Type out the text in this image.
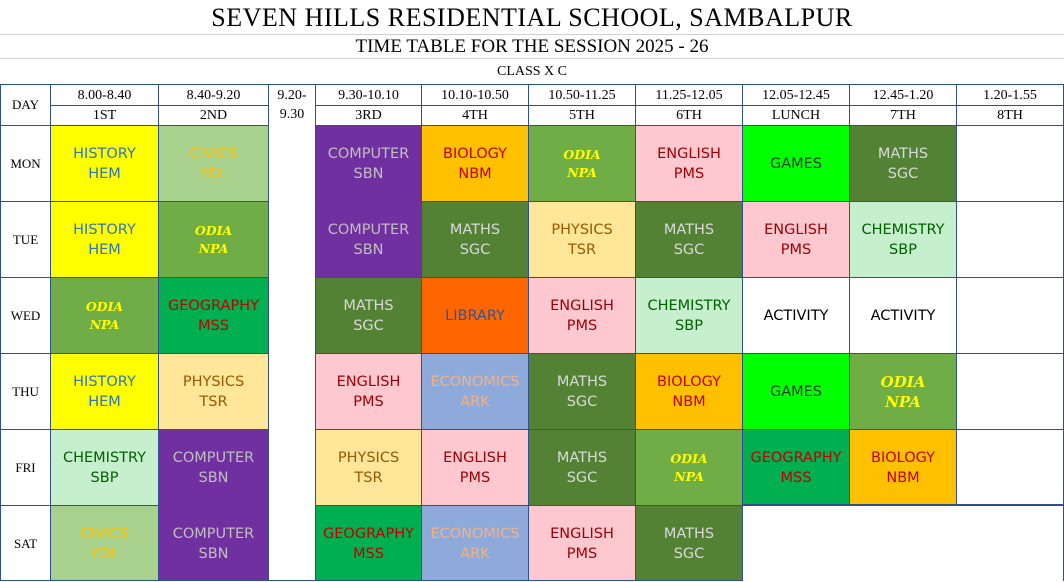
SEVEN HILLS RESIDENTIAL SCHOOL, SAMBALPUR
TIME TABLE FOR THE SESSION 2025 - 26
CLASS X C
DAY
8.00-8.40
1ST
8.40-9.20
2ND
9.20-
9.30
9.30-10.10
3RD
10.10-10.50
4TH
10.50-11.25
5TH
11.25-12.05
6TH
12.05-12.45
LUNCH
12.45-1.20
7TH
1.20-1.55
8TH
MON
HISTORY
HEM
CIVICS
YDL
COMPUTER
SBN
BIOLOGY
NBM
ODIA
NPA
ENGLISH
PMS
GAMES
MATHS
SGC
TUE
HISTORY
HEM
ODIA
NPA
COMPUTER
SBN
MATHS
SGC
PHYSICS
TSR
MATHS
SGC
ENGLISH
PMS
CHEMISTRY
SBP
WED
ODIA
NPA
GEOGRAPHY
MSS
MATHS
SGC
LIBRARY
ENGLISH
PMS
CHEMISTRY
SBP
ACTIVITY	ACTIVITY
THU
HISTORY
HEM
PHYSICS
TSR
ENGLISH
PMS
ECONOMICS
ARK
MATHS
SGC
BIOLOGY
NBM
GAMES
ODIA
NPA
FRI
CHEMISTRY
SBP
COMPUTER
SBN
PHYSICS
TSR
ENGLISH
PMS
MATHS
SGC
ODIA
NPA
GEOGRAPHY
MSS
BIOLOGY
NBM
SAT
CIVICS
YDL
COMPUTER
SBN
GEOGRAPHY
MSS
ECONOMICS
ARK
ENGLISH
PMS
MATHS
SGC
